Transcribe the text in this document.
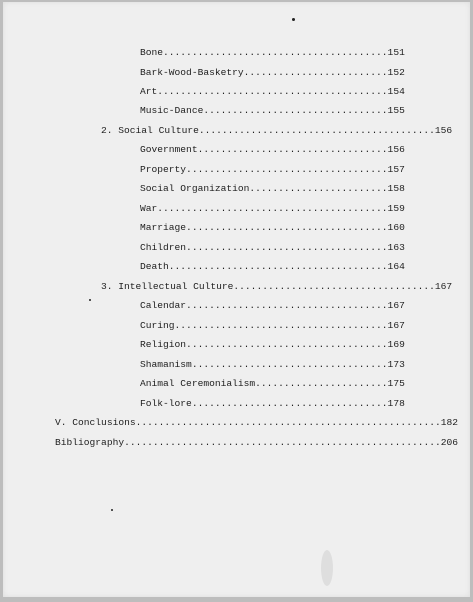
Bone.......................................151
Bark-Wood-Basketry.........................152
Art........................................154
Music-Dance................................155
2. Social Culture.........................................156
Government.................................156
Property...................................157
Social Organization........................158
War........................................159
Marriage...................................160
Children...................................163
Death......................................164
3. Intellectual Culture...................................167
Calendar...................................167
Curing.....................................167
Religion...................................169
Shamanism..................................173
Animal Ceremonialism.......................175
Folk-lore..................................178
V. Conclusions.....................................................182
Bibliography.......................................................206
